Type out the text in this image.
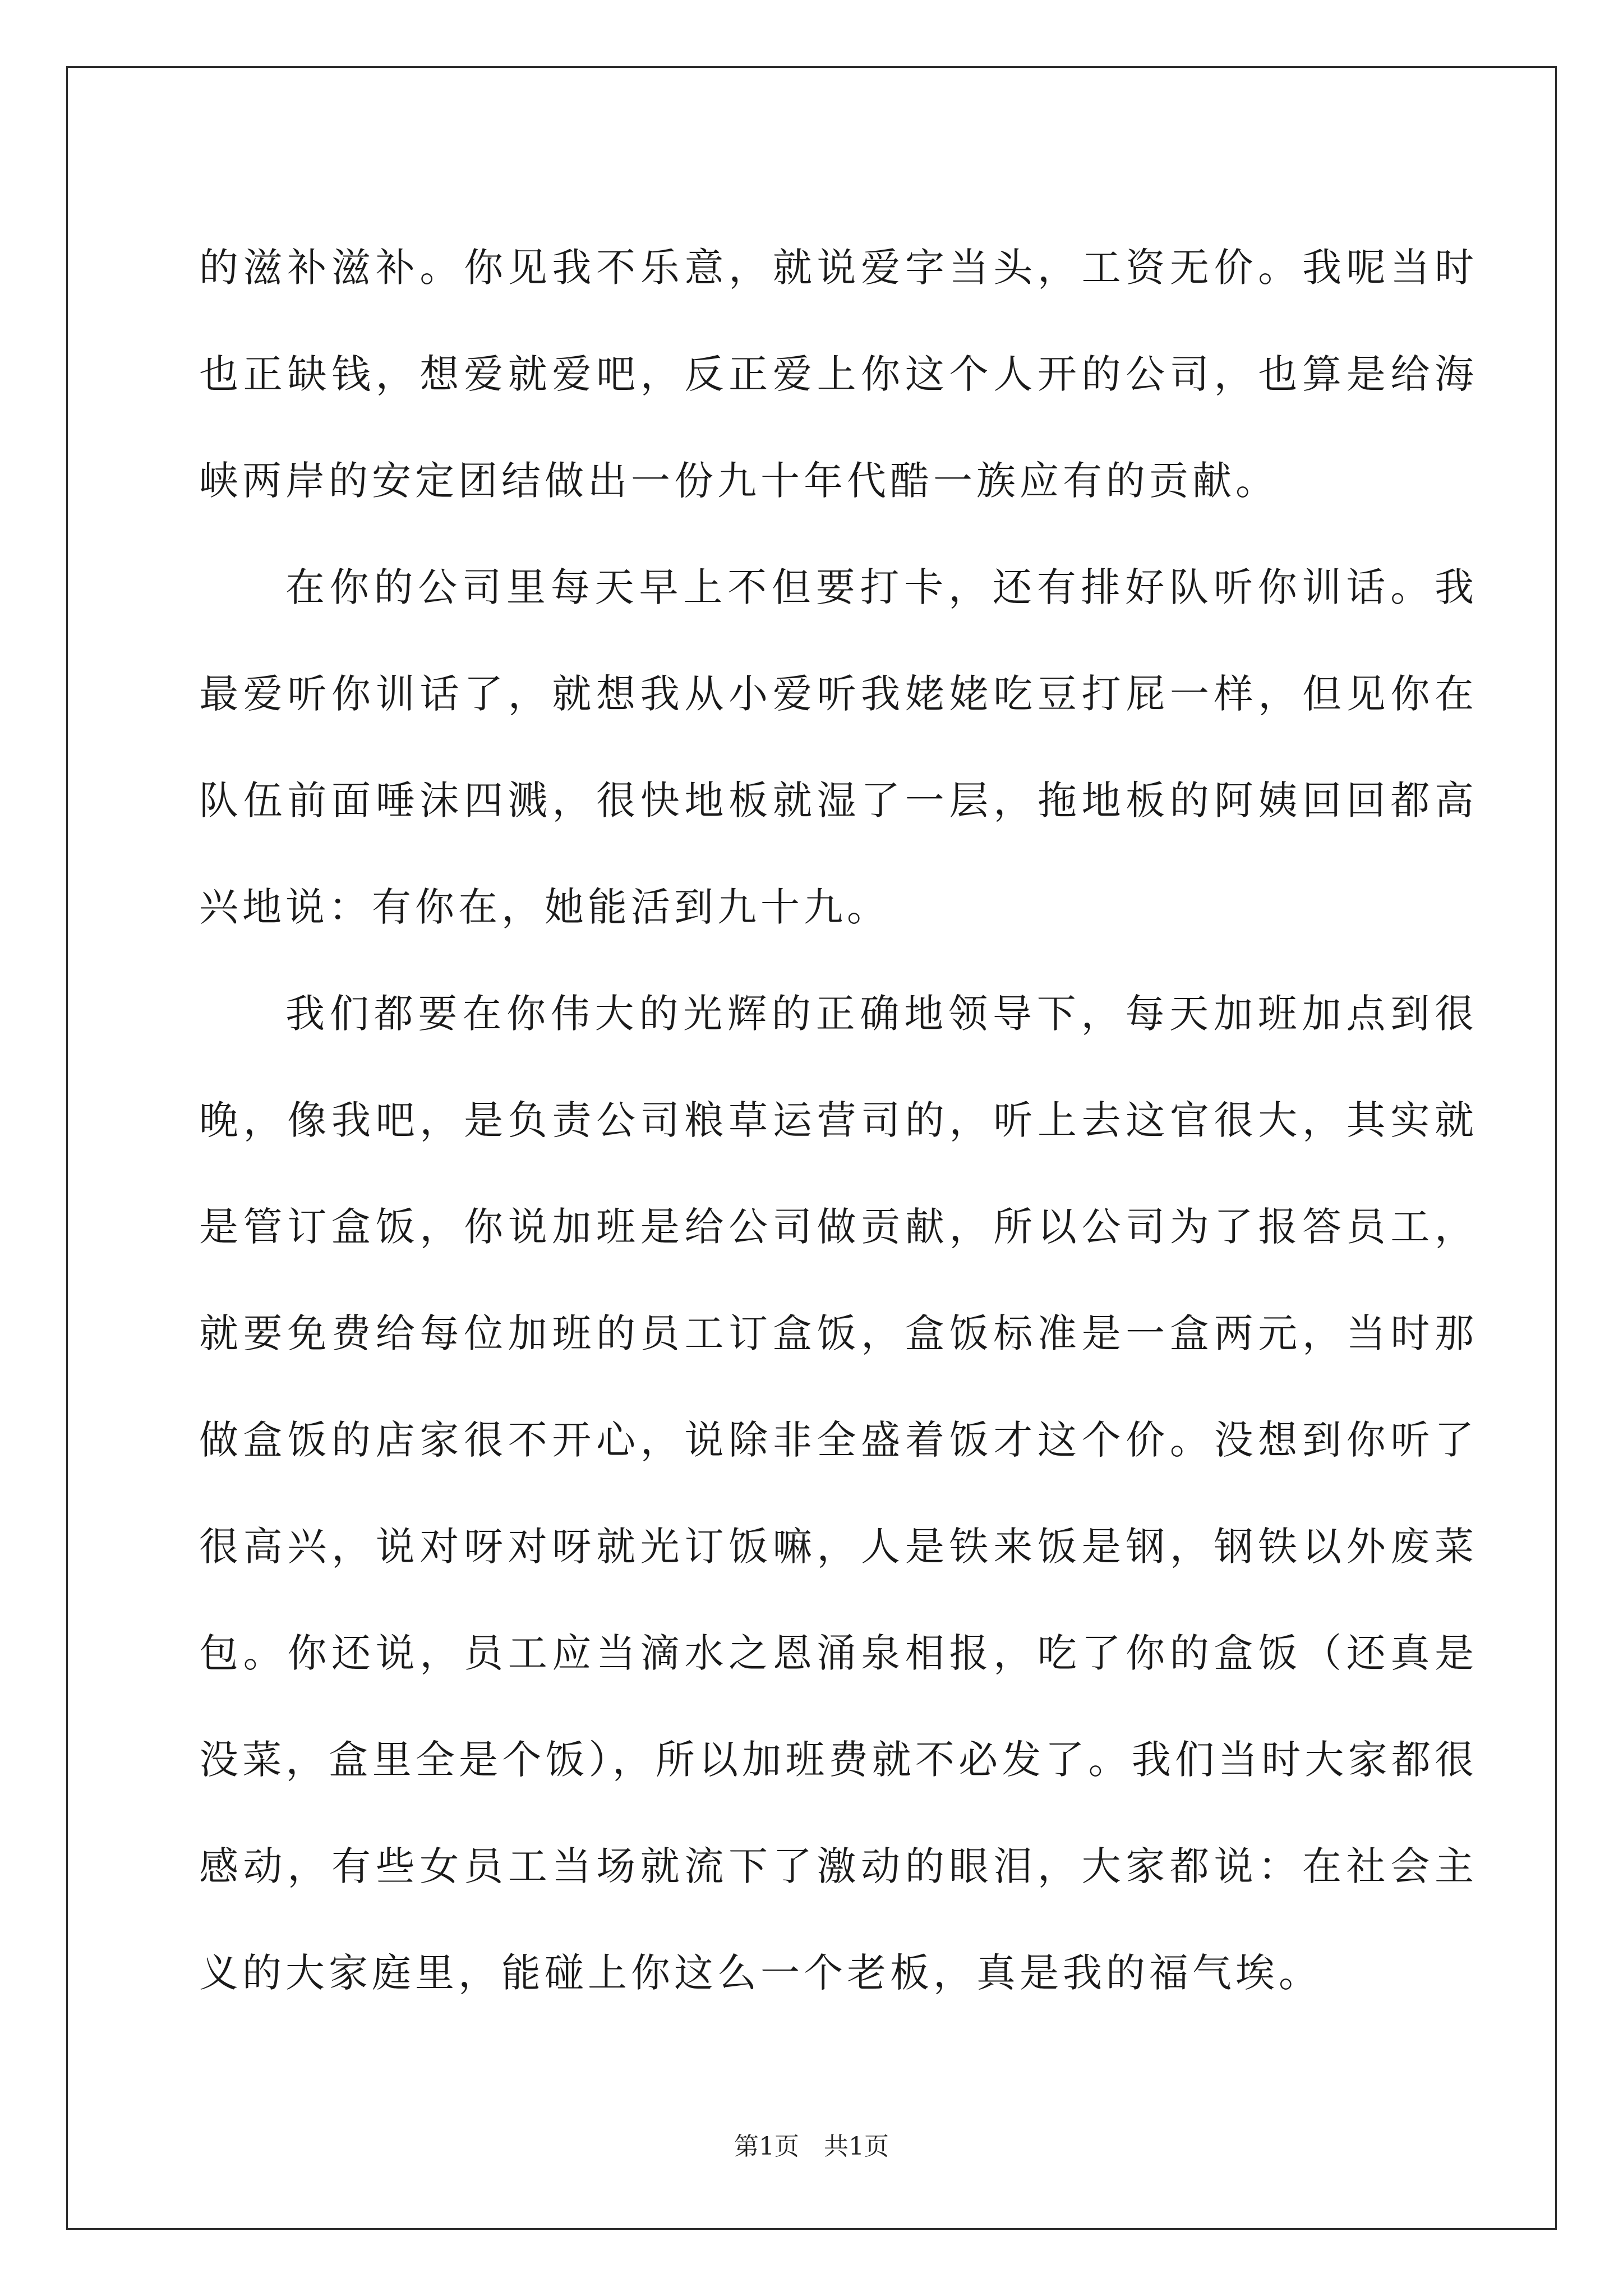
的滋补滋补。你见我不乐意，就说爱字当头，工资无价。我呢当时也正缺钱，想爱就爱吧，反正爱上你这个人开的公司，也算是给海峡两岸的安定团结做出一份九十年代酷一族应有的贡献。

在你的公司里每天早上不但要打卡，还有排好队听你训话。我最爱听你训话了，就想我从小爱听我姥姥吃豆打屁一样，但见你在队伍前面唾沫四溅，很快地板就湿了一层，拖地板的阿姨回回都高兴地说：有你在，她能活到九十九。

我们都要在你伟大的光辉的正确地领导下，每天加班加点到很晚，像我吧，是负责公司粮草运营司的，听上去这官很大，其实就是管订盒饭，你说加班是给公司做贡献，所以公司为了报答员工，就要免费给每位加班的员工订盒饭，盒饭标准是一盒两元，当时那做盒饭的店家很不开心，说除非全盛着饭才这个价。没想到你听了很高兴，说对呀对呀就光订饭嘛，人是铁来饭是钢，钢铁以外废菜包。你还说，员工应当滴水之恩涌泉相报，吃了你的盒饭（还真是没菜，盒里全是个饭），所以加班费就不必发了。我们当时大家都很感动，有些女员工当场就流下了激动的眼泪，大家都说：在社会主义的大家庭里，能碰上你这么一个老板，真是我的福气埃。

第1页　共1页
